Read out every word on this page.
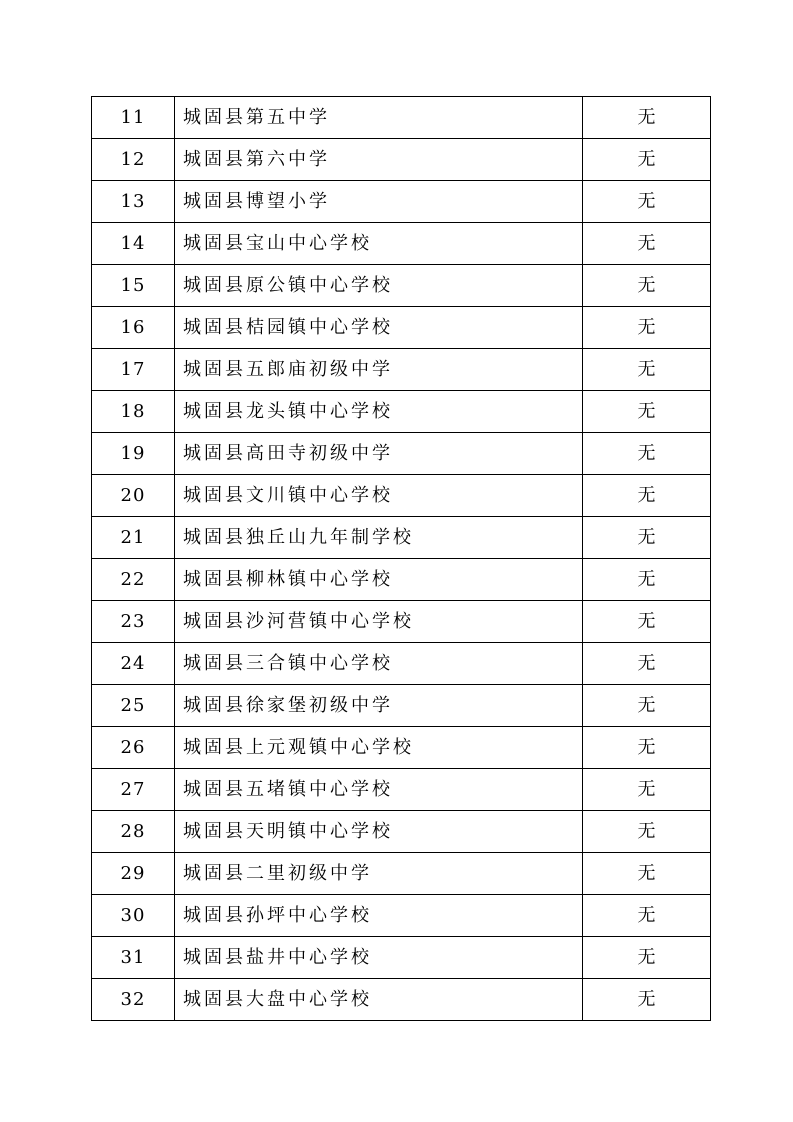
11	城固县第五中学	无
12	城固县第六中学	无
13	城固县博望小学	无
14	城固县宝山中心学校	无
15	城固县原公镇中心学校	无
16	城固县桔园镇中心学校	无
17	城固县五郎庙初级中学	无
18	城固县龙头镇中心学校	无
19	城固县高田寺初级中学	无
20	城固县文川镇中心学校	无
21	城固县独丘山九年制学校	无
22	城固县柳林镇中心学校	无
23	城固县沙河营镇中心学校	无
24	城固县三合镇中心学校	无
25	城固县徐家堡初级中学	无
26	城固县上元观镇中心学校	无
27	城固县五堵镇中心学校	无
28	城固县天明镇中心学校	无
29	城固县二里初级中学	无
30	城固县孙坪中心学校	无
31	城固县盐井中心学校	无
32	城固县大盘中心学校	无
